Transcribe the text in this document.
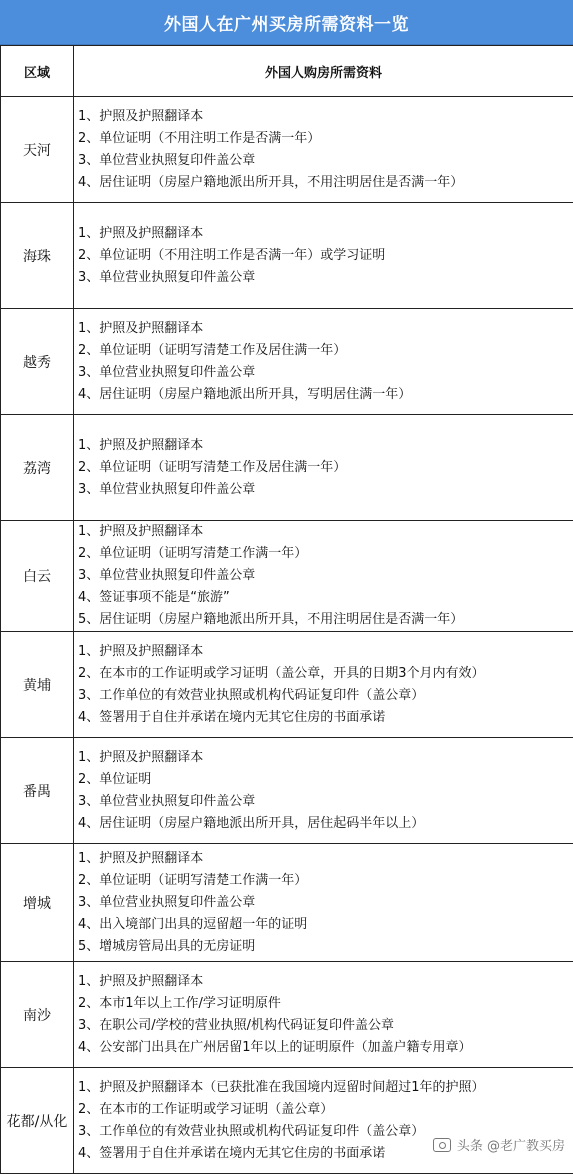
外国人在广州买房所需资料一览
区域	外国人购房所需资料
天河	1、护照及护照翻译本
2、单位证明（不用注明工作是否满一年）
3、单位营业执照复印件盖公章
4、居住证明（房屋户籍地派出所开具，不用注明居住是否满一年）

海珠	1、护照及护照翻译本
2、单位证明（不用注明工作是否满一年）或学习证明
3、单位营业执照复印件盖公章

越秀	1、护照及护照翻译本
2、单位证明（证明写清楚工作及居住满一年）
3、单位营业执照复印件盖公章
4、居住证明（房屋户籍地派出所开具，写明居住满一年）

荔湾	1、护照及护照翻译本
2、单位证明（证明写清楚工作及居住满一年）
3、单位营业执照复印件盖公章

白云	1、护照及护照翻译本
2、单位证明（证明写清楚工作满一年）
3、单位营业执照复印件盖公章
4、签证事项不能是“旅游”
5、居住证明（房屋户籍地派出所开具，不用注明居住是否满一年）

黄埔	1、护照及护照翻译本
2、在本市的工作证明或学习证明（盖公章，开具的日期3个月内有效）
3、工作单位的有效营业执照或机构代码证复印件（盖公章）
4、签署用于自住并承诺在境内无其它住房的书面承诺

番禺	1、护照及护照翻译本
2、单位证明
3、单位营业执照复印件盖公章
4、居住证明（房屋户籍地派出所开具，居住起码半年以上）

增城	1、护照及护照翻译本
2、单位证明（证明写清楚工作满一年）
3、单位营业执照复印件盖公章
4、出入境部门出具的逗留超一年的证明
5、增城房管局出具的无房证明

南沙	1、护照及护照翻译本
2、本市1年以上工作/学习证明原件
3、在职公司/学校的营业执照/机构代码证复印件盖公章
4、公安部门出具在广州居留1年以上的证明原件（加盖户籍专用章）

花都/从化	1、护照及护照翻译本（已获批准在我国境内逗留时间超过1年的护照）
2、在本市的工作证明或学习证明（盖公章）
3、工作单位的有效营业执照或机构代码证复印件（盖公章）
4、签署用于自住并承诺在境内无其它住房的书面承诺	头条 @老广教买房
